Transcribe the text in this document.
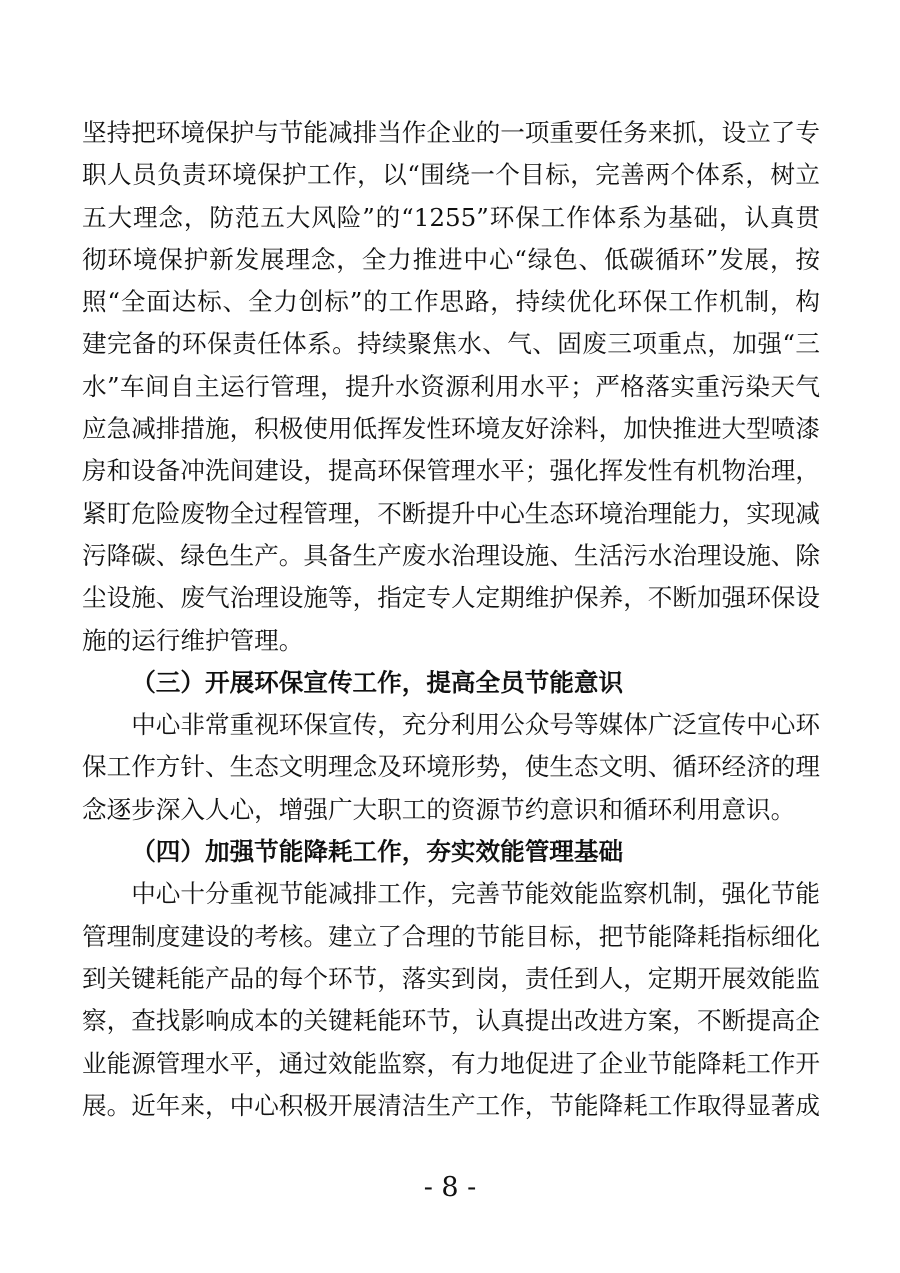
坚持把环境保护与节能减排当作企业的一项重要任务来抓，设立了专
职人员负责环境保护工作，以“围绕一个目标，完善两个体系，树立
五大理念，防范五大风险”的“1255”环保工作体系为基础，认真贯
彻环境保护新发展理念，全力推进中心“绿色、低碳循环”发展，按
照“全面达标、全力创标”的工作思路，持续优化环保工作机制，构
建完备的环保责任体系。持续聚焦水、气、固废三项重点，加强“三
水”车间自主运行管理，提升水资源利用水平；严格落实重污染天气
应急减排措施，积极使用低挥发性环境友好涂料，加快推进大型喷漆
房和设备冲洗间建设，提高环保管理水平；强化挥发性有机物治理，
紧盯危险废物全过程管理，不断提升中心生态环境治理能力，实现减
污降碳、绿色生产。具备生产废水治理设施、生活污水治理设施、除
尘设施、废气治理设施等，指定专人定期维护保养，不断加强环保设
施的运行维护管理。
（三）开展环保宣传工作，提高全员节能意识
中心非常重视环保宣传，充分利用公众号等媒体广泛宣传中心环
保工作方针、生态文明理念及环境形势，使生态文明、循环经济的理
念逐步深入人心，增强广大职工的资源节约意识和循环利用意识。
（四）加强节能降耗工作，夯实效能管理基础
中心十分重视节能减排工作，完善节能效能监察机制，强化节能
管理制度建设的考核。建立了合理的节能目标，把节能降耗指标细化
到关键耗能产品的每个环节，落实到岗，责任到人，定期开展效能监
察，查找影响成本的关键耗能环节，认真提出改进方案，不断提高企
业能源管理水平，通过效能监察，有力地促进了企业节能降耗工作开
展。近年来，中心积极开展清洁生产工作，节能降耗工作取得显著成
- 8 -
